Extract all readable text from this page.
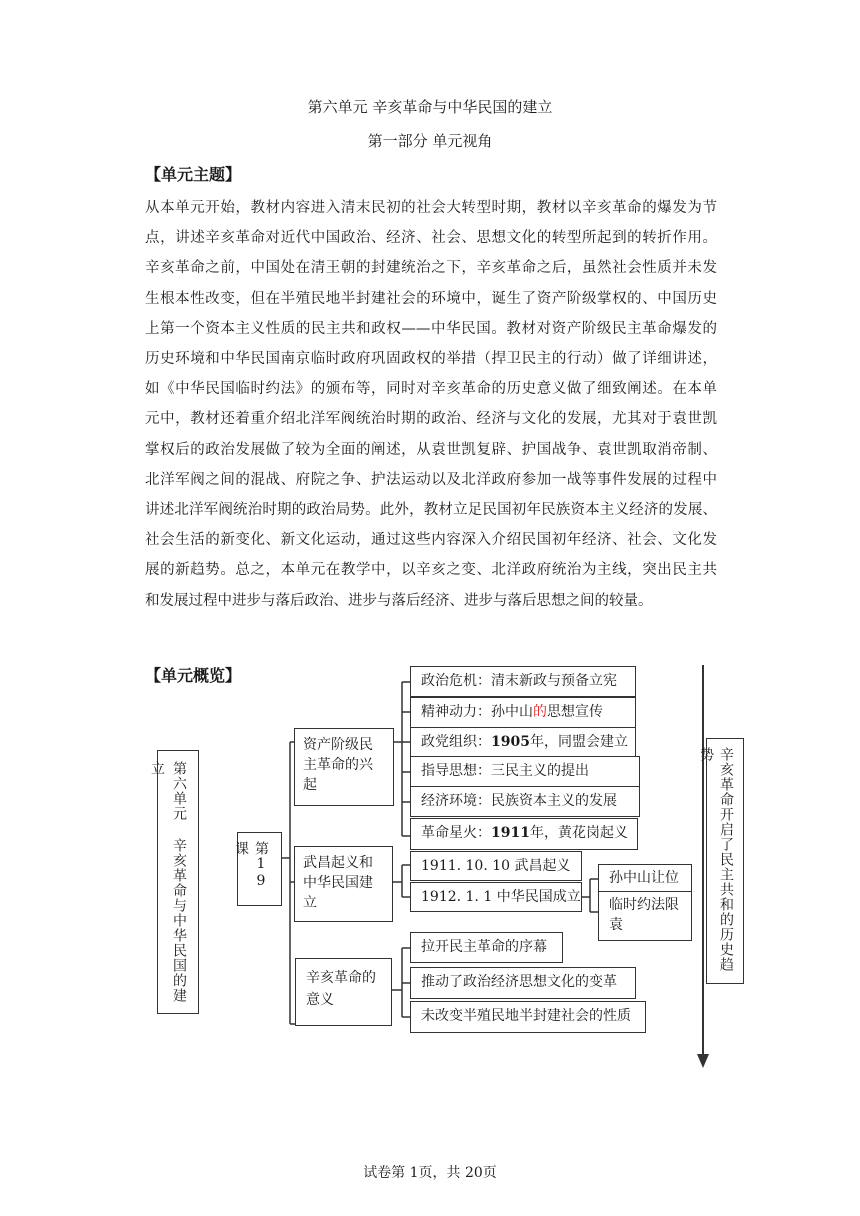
第六单元 辛亥革命与中华民国的建立
第一部分 单元视角
【单元主题】
从本单元开始，教材内容进入清末民初的社会大转型时期，教材以辛亥革命的爆发为节
点，讲述辛亥革命对近代中国政治、经济、社会、思想文化的转型所起到的转折作用。
辛亥革命之前，中国处在清王朝的封建统治之下，辛亥革命之后，虽然社会性质并未发
生根本性改变，但在半殖民地半封建社会的环境中，诞生了资产阶级掌权的、中国历史
上第一个资本主义性质的民主共和政权——中华民国。教材对资产阶级民主革命爆发的
历史环境和中华民国南京临时政府巩固政权的举措（捍卫民主的行动）做了详细讲述，
如《中华民国临时约法》的颁布等，同时对辛亥革命的历史意义做了细致阐述。在本单
元中，教材还着重介绍北洋军阀统治时期的政治、经济与文化的发展，尤其对于袁世凯
掌权后的政治发展做了较为全面的阐述，从袁世凯复辟、护国战争、袁世凯取消帝制、
北洋军阀之间的混战、府院之争、护法运动以及北洋政府参加一战等事件发展的过程中
讲述北洋军阀统治时期的政治局势。此外，教材立足民国初年民族资本主义经济的发展、
社会生活的新变化、新文化运动，通过这些内容深入介绍民国初年经济、社会、文化发
展的新趋势。总之，本单元在教学中，以辛亥之变、北洋政府统治为主线，突出民主共
和发展过程中进步与落后政治、进步与落后经济、进步与落后思想之间的较量。
【单元概览】
第六单元 辛亥革命与中华民国的建立
第19课
资产阶级民主革命的兴起
武昌起义和中华民国建立
辛亥革命的意义
政治危机：清末新政与预备立宪
精神动力：孙中山的思想宣传
政党组织：1905年，同盟会建立
指导思想：三民主义的提出
经济环境：民族资本主义的发展
革命星火：1911年，黄花岗起义
1911. 10. 10 武昌起义
1912. 1. 1 中华民国成立
孙中山让位
临时约法限袁
拉开民主革命的序幕
推动了政治经济思想文化的变革
未改变半殖民地半封建社会的性质
辛亥革命开启了民主共和的历史趋势
试卷第 1页，共 20页
